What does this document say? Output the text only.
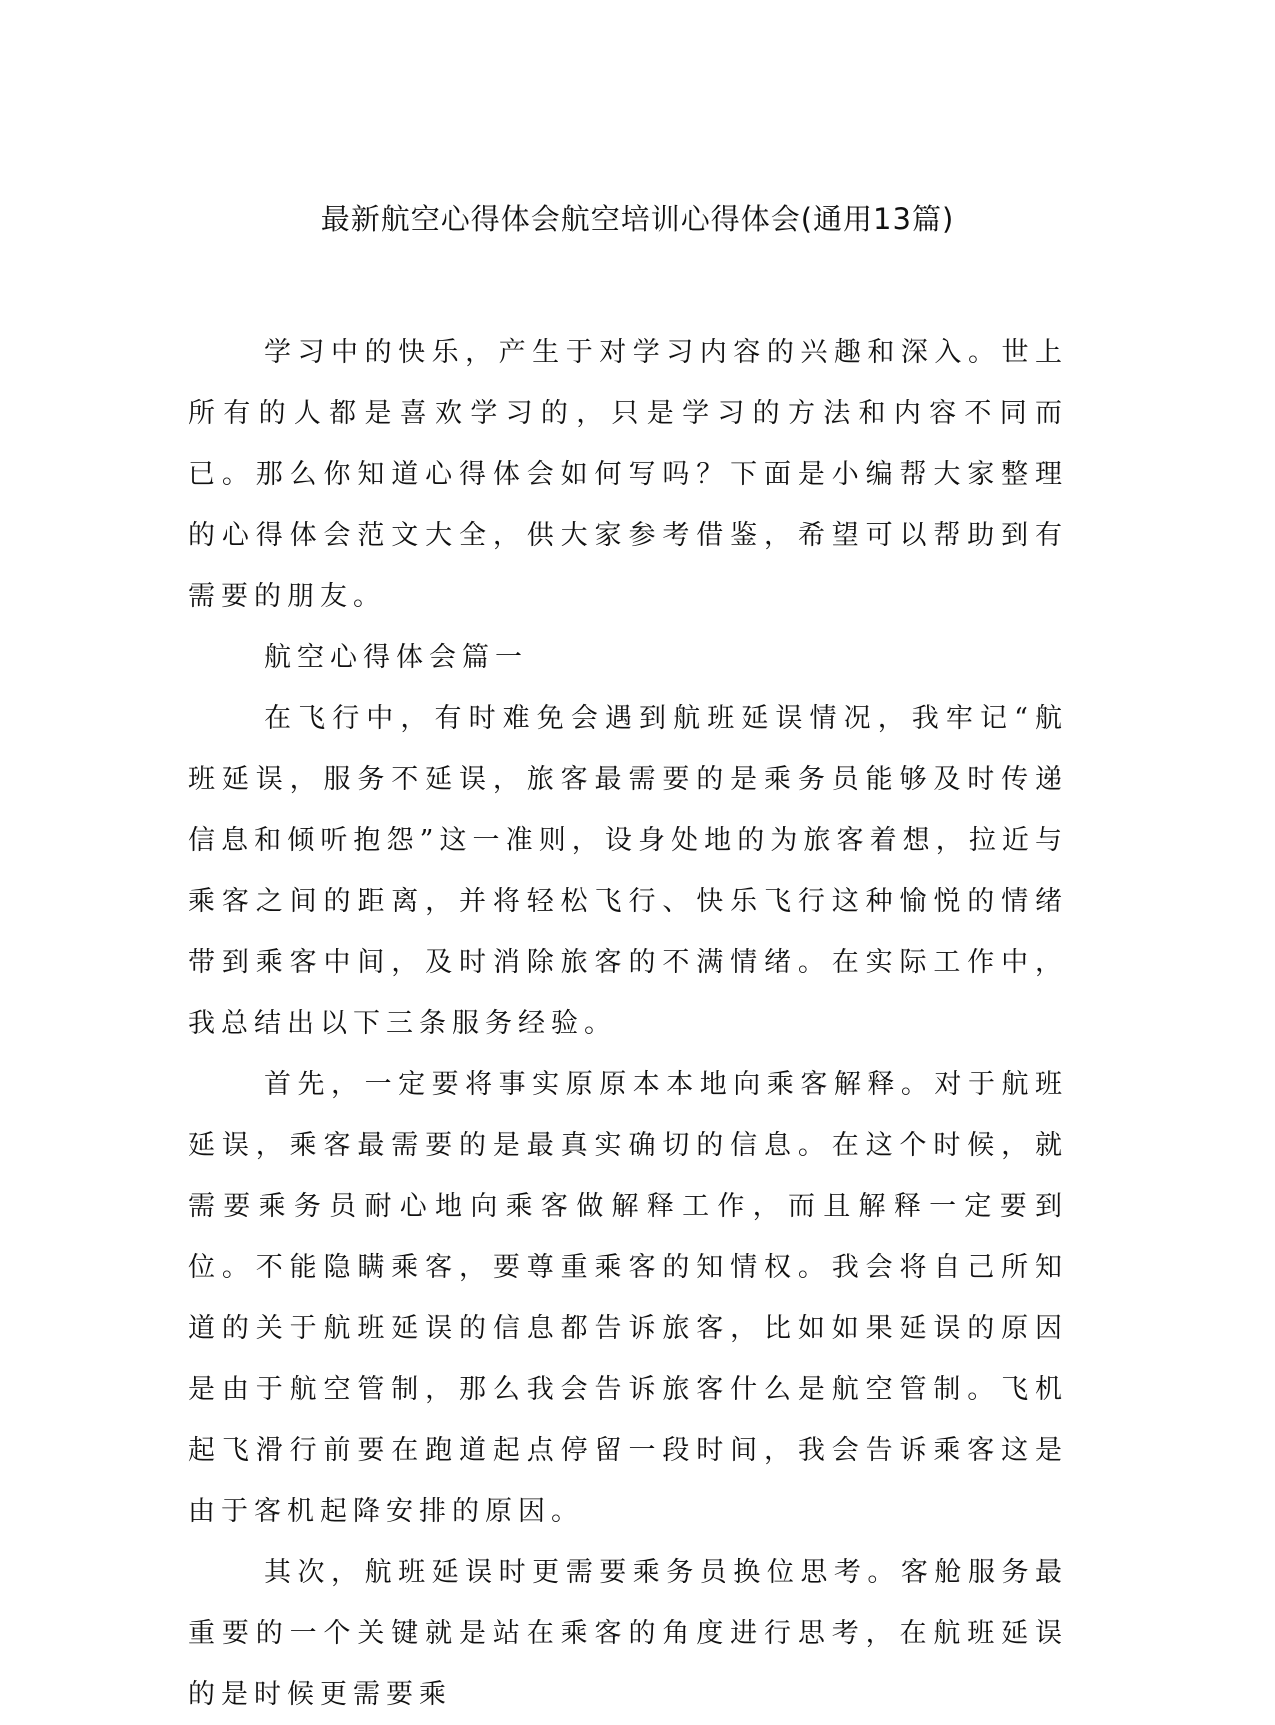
最新航空心得体会航空培训心得体会(通用13篇)

学习中的快乐，产生于对学习内容的兴趣和深入。世上所有的人都是喜欢学习的，只是学习的方法和内容不同而已。那么你知道心得体会如何写吗？下面是小编帮大家整理的心得体会范文大全，供大家参考借鉴，希望可以帮助到有需要的朋友。

航空心得体会篇一

在飞行中，有时难免会遇到航班延误情况，我牢记“航班延误，服务不延误，旅客最需要的是乘务员能够及时传递信息和倾听抱怨”这一准则，设身处地的为旅客着想，拉近与乘客之间的距离，并将轻松飞行、快乐飞行这种愉悦的情绪带到乘客中间，及时消除旅客的不满情绪。在实际工作中，我总结出以下三条服务经验。

首先，一定要将事实原原本本地向乘客解释。对于航班延误，乘客最需要的是最真实确切的信息。在这个时候，就需要乘务员耐心地向乘客做解释工作，而且解释一定要到位。不能隐瞒乘客，要尊重乘客的知情权。我会将自己所知道的关于航班延误的信息都告诉旅客，比如如果延误的原因是由于航空管制，那么我会告诉旅客什么是航空管制。飞机起飞滑行前要在跑道起点停留一段时间，我会告诉乘客这是由于客机起降安排的原因。

其次，航班延误时更需要乘务员换位思考。客舱服务最重要的一个关键就是站在乘客的角度进行思考，在航班延误的是时候更需要乘
